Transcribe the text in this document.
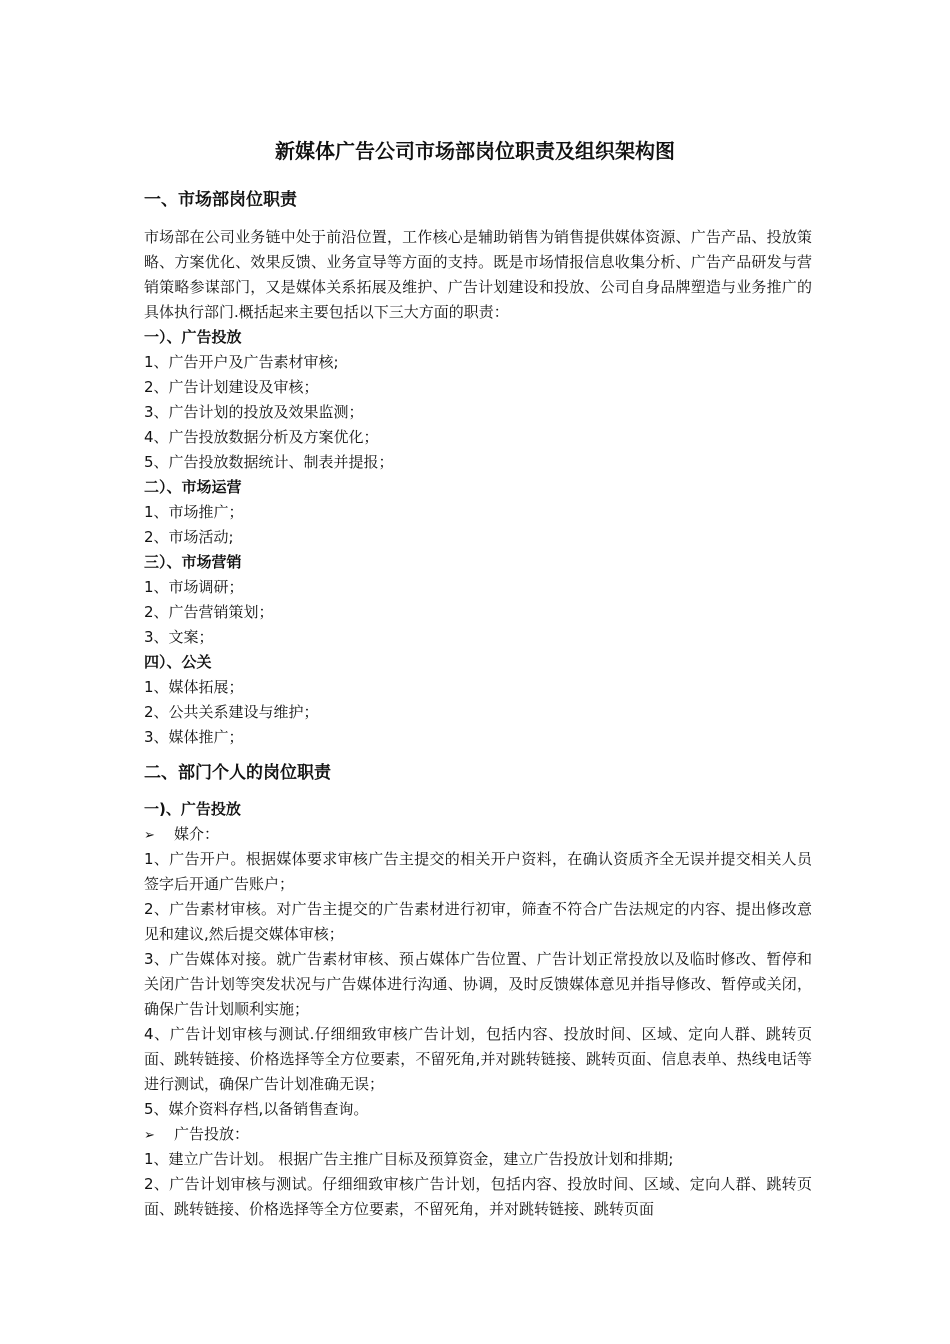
新媒体广告公司市场部岗位职责及组织架构图
一、市场部岗位职责
市场部在公司业务链中处于前沿位置，工作核心是辅助销售为销售提供媒体资源、广告产品、投放策略、方案优化、效果反馈、业务宣导等方面的支持。既是市场情报信息收集分析、广告产品研发与营销策略参谋部门，又是媒体关系拓展及维护、广告计划建设和投放、公司自身品牌塑造与业务推广的具体执行部门.概括起来主要包括以下三大方面的职责：
一）、广告投放
1、广告开户及广告素材审核;
2、广告计划建设及审核；
3、广告计划的投放及效果监测；
4、广告投放数据分析及方案优化；
5、广告投放数据统计、制表并提报；
二）、市场运营
1、市场推广；
2、市场活动;
三）、市场营销
1、市场调研；
2、广告营销策划；
3、文案；
四）、公关
1、媒体拓展；
2、公共关系建设与维护；
3、媒体推广；
二、部门个人的岗位职责
一)、广告投放
➢ 媒介：
1、广告开户。根据媒体要求审核广告主提交的相关开户资料，在确认资质齐全无误并提交相关人员签字后开通广告账户；
2、广告素材审核。对广告主提交的广告素材进行初审，筛查不符合广告法规定的内容、提出修改意见和建议,然后提交媒体审核；
3、广告媒体对接。就广告素材审核、预占媒体广告位置、广告计划正常投放以及临时修改、暂停和关闭广告计划等突发状况与广告媒体进行沟通、协调，及时反馈媒体意见并指导修改、暂停或关闭，确保广告计划顺利实施；
4、广告计划审核与测试.仔细细致审核广告计划，包括内容、投放时间、区域、定向人群、跳转页面、跳转链接、价格选择等全方位要素，不留死角,并对跳转链接、跳转页面、信息表单、热线电话等进行测试，确保广告计划准确无误；
5、媒介资料存档,以备销售查询。
➢ 广告投放：
1、建立广告计划。 根据广告主推广目标及预算资金，建立广告投放计划和排期;
2、广告计划审核与测试。仔细细致审核广告计划，包括内容、投放时间、区域、定向人群、跳转页面、跳转链接、价格选择等全方位要素，不留死角，并对跳转链接、跳转页面
